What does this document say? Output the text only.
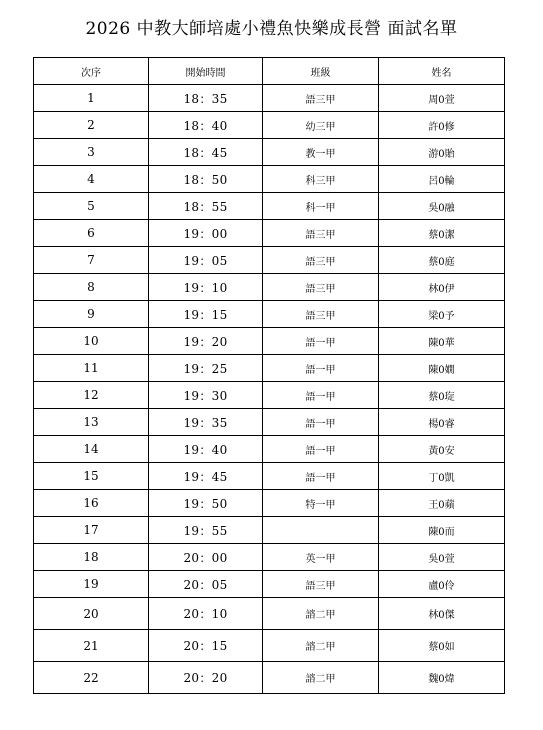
2026 中教大師培處小禮魚快樂成長營 面試名單
次序	開始時間	班級	姓名
1	18：35	語三甲	周0萱
2	18：40	幼三甲	許0修
3	18：45	教一甲	游0貽
4	18：50	科三甲	呂0輪
5	18：55	科一甲	吳0融
6	19：00	語三甲	蔡0潔
7	19：05	語三甲	蔡0庭
8	19：10	語三甲	林0伊
9	19：15	語三甲	梁0予
10	19：20	語一甲	陳0華
11	19：25	語一甲	陳0嫺
12	19：30	語一甲	蔡0琁
13	19：35	語一甲	楊0睿
14	19：40	語一甲	黃0安
15	19：45	語一甲	丁0凱
16	19：50	特一甲	王0蘋
17	19：55		陳0而
18	20：00	英一甲	吳0萱
19	20：05	語三甲	盧0伶
20	20：10	諮二甲	林0傑
21	20：15	諮二甲	蔡0如
22	20：20	諮二甲	魏0煒
